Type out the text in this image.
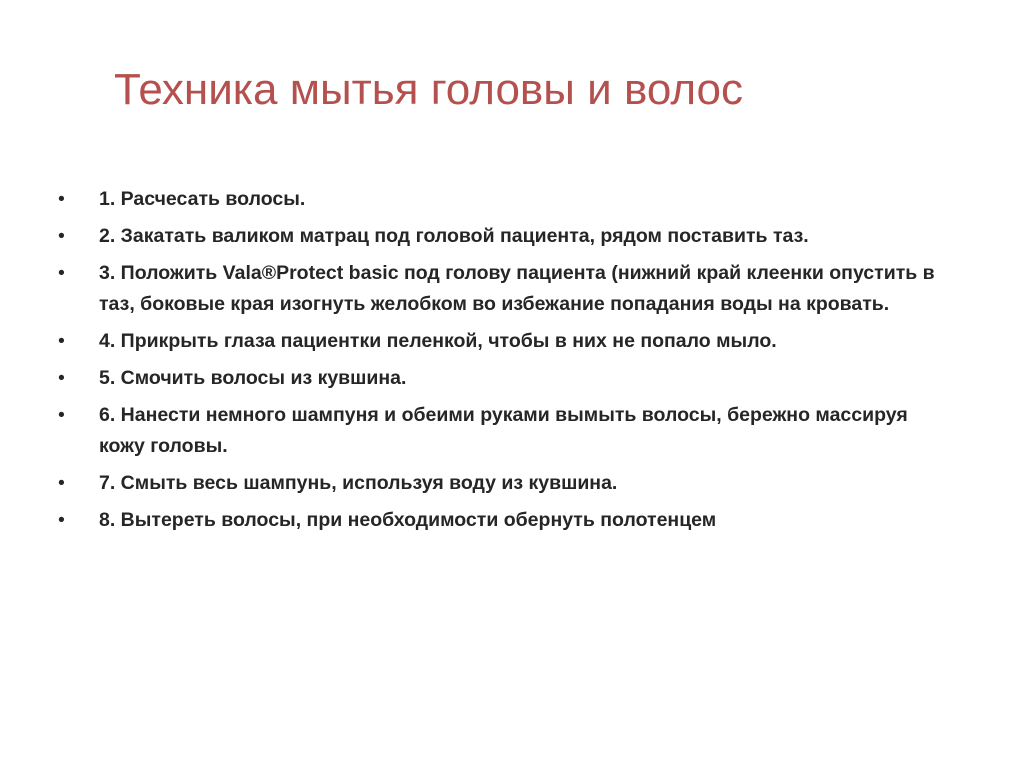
Техника мытья головы и волос
•	1. Расчесать волосы.
•	2. Закатать валиком матрац под головой пациента, рядом поставить таз.
•	3. Положить Vala®Protect basic под голову пациента (нижний край клеенки опустить в таз, боковые края изогнуть желобком во избежание попадания воды на кровать.
•	4. Прикрыть глаза пациентки пеленкой, чтобы в них не попало мыло.
•	5. Смочить волосы из кувшина.
•	6. Нанести немного шампуня и обеими руками вымыть волосы, бережно массируя кожу головы.
•	7. Смыть весь шампунь, используя воду из кувшина.
•	8. Вытереть волосы, при необходимости обернуть полотенцем
